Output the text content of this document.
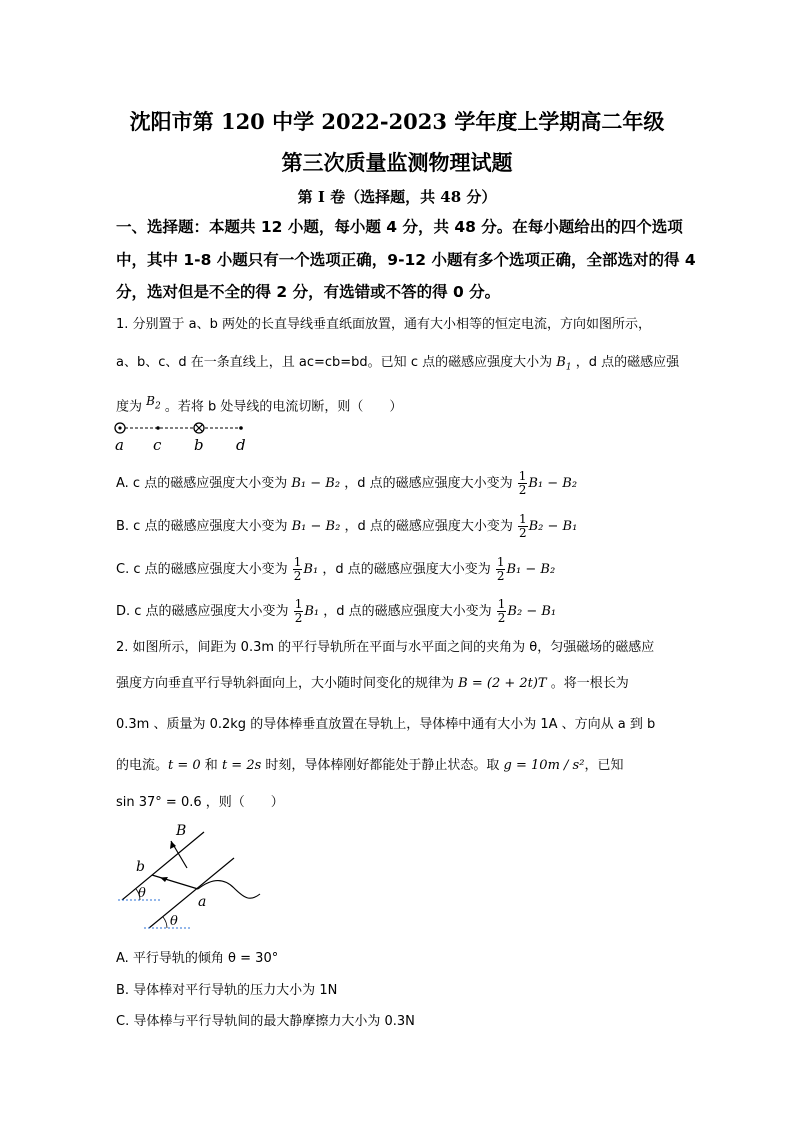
沈阳市第 120 中学 2022-2023 学年度上学期高二年级
第三次质量监测物理试题
第 I 卷（选择题，共 48 分）
一、选择题：本题共 12 小题，每小题 4 分，共 48 分。在每小题给出的四个选项
中，其中 1-8 小题只有一个选项正确，9-12 小题有多个选项正确，全部选对的得 4
分，选对但是不全的得 2 分，有选错或不答的得 0 分。
1. 分别置于 a、b 两处的长直导线垂直纸面放置，通有大小相等的恒定电流，方向如图所示，
a、b、c、d 在一条直线上，且 ac=cb=bd。已知 c 点的磁感应强度大小为 $B_1$ ，d 点的磁感应强
度为 $^{B_2}$ 。若将 b 处导线的电流切断，则（　　）
a c b d
A. c 点的磁感应强度大小变为 B₁ − B₂ ，d 点的磁感应强度大小变为 $\frac{1}{2} B_1 - B_2$
B. c 点的磁感应强度大小变为 B₁ − B₂ ，d 点的磁感应强度大小变为 $\frac{1}{2} B_2 - B_1$
C. c 点的磁感应强度大小变为 $\frac{1}{2} B_1$ ，d 点的磁感应强度大小变为 $\frac{1}{2} B_1 - B_2$
D. c 点的磁感应强度大小变为 $\frac{1}{2} B_1$ ，d 点的磁感应强度大小变为 $\frac{1}{2} B_2 - B_1$
2. 如图所示，间距为 0.3m 的平行导轨所在平面与水平面之间的夹角为 θ，匀强磁场的磁感应
强度方向垂直平行导轨斜面向上，大小随时间变化的规律为 B = (2 + 2t)T 。将一根长为
0.3m 、质量为 0.2kg 的导体棒垂直放置在导轨上，导体棒中通有大小为 1A 、方向从 a 到 b
的电流。t = 0 和 t = 2s 时刻，导体棒刚好都能处于静止状态。取 g = 10m / s²，已知
sin 37° = 0.6 ，则（　　）
B
b
a
θ
θ
A. 平行导轨的倾角 θ = 30°
B. 导体棒对平行导轨的压力大小为 1N
C. 导体棒与平行导轨间的最大静摩擦力大小为 0.3N
